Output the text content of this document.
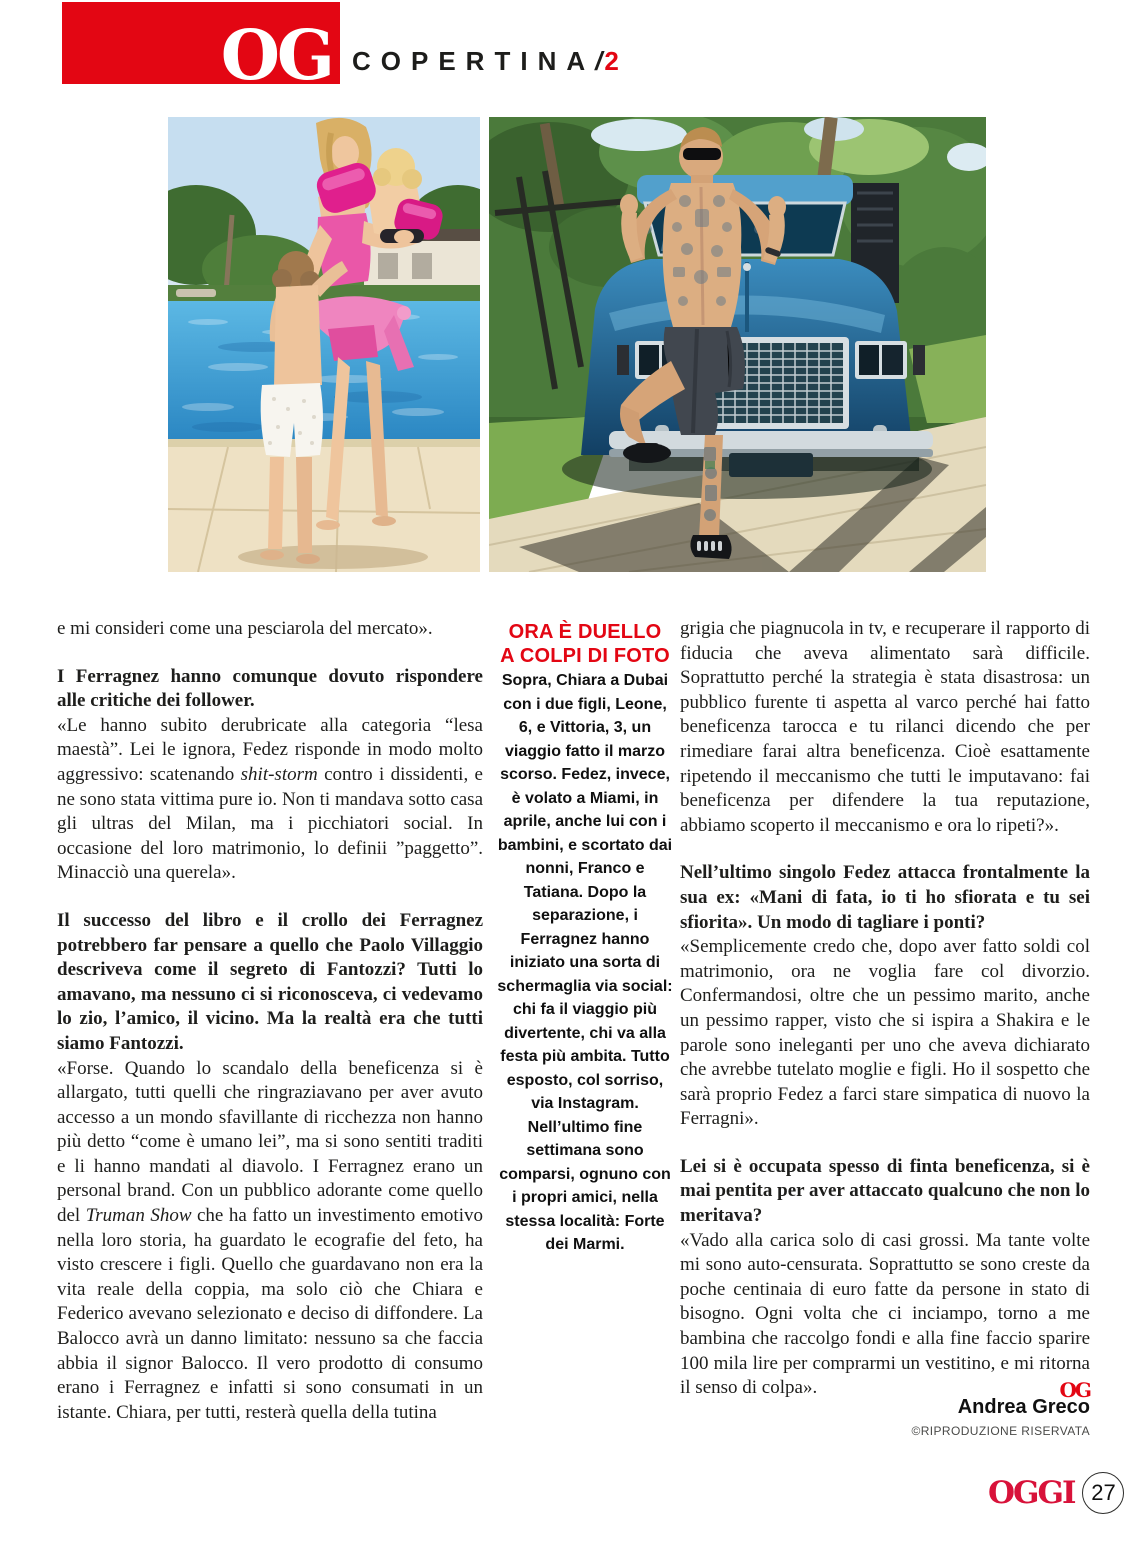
OG COPERTINA/2

e mi consideri come una pesciarola del mercato».

I Ferragnez hanno comunque dovuto rispondere alle critiche dei follower.

«Le hanno subito derubricate alla categoria “lesa maestà”. Lei le ignora, Fedez risponde in modo molto aggressivo: scatenando shit-storm contro i dissidenti, e ne sono stata vittima pure io. Non ti mandava sotto casa gli ultras del Milan, ma i picchiatori social. In occasione del loro matrimonio, lo definii ”paggetto”. Minacciò una querela».

Il successo del libro e il crollo dei Ferragnez potrebbero far pensare a quello che Paolo Villaggio descriveva come il segreto di Fantozzi? Tutti lo amavano, ma nessuno ci si riconosceva, ci vedevamo lo zio, l’amico, il vicino. Ma la realtà era che tutti siamo Fantozzi.

«Forse. Quando lo scandalo della beneficenza si è allargato, tutti quelli che ringraziavano per aver avuto accesso a un mondo sfavillante di ricchezza non hanno più detto “come è umano lei”, ma si sono sentiti traditi e li hanno mandati al diavolo. I Ferragnez erano un personal brand. Con un pubblico adorante come quello del Truman Show che ha fatto un investimento emotivo nella loro storia, ha guardato le ecografie del feto, ha visto crescere i figli. Quello che guardavano non era la vita reale della coppia, ma solo ciò che Chiara e Federico avevano selezionato e deciso di diffondere. La Balocco avrà un danno limitato: nessuno sa che faccia abbia il signor Balocco. Il vero prodotto di consumo erano i Ferragnez e infatti si sono consumati in un istante. Chiara, per tutti, resterà quella della tutina

ORA È DUELLO
A COLPI DI FOTO

Sopra, Chiara a Dubai con i due figli, Leone, 6, e Vittoria, 3, un viaggio fatto il marzo scorso. Fedez, invece, è volato a Miami, in aprile, anche lui con i bambini, e scortato dai nonni, Franco e Tatiana. Dopo la separazione, i Ferragnez hanno iniziato una sorta di schermaglia via social: chi fa il viaggio più divertente, chi va alla festa più ambita. Tutto esposto, col sorriso, via Instagram. Nell’ultimo fine settimana sono comparsi, ognuno con i propri amici, nella stessa località: Forte dei Marmi.

grigia che piagnucola in tv, e recuperare il rapporto di fiducia che aveva alimentato sarà difficile. Soprattutto perché la strategia è stata disastrosa: un pubblico furente ti aspetta al varco perché hai fatto beneficenza tarocca e tu rilanci dicendo che per rimediare farai altra beneficenza. Cioè esattamente ripetendo il meccanismo che tutti le imputavano: fai beneficenza per difendere la tua reputazione, abbiamo scoperto il meccanismo e ora lo ripeti?».

Nell’ultimo singolo Fedez attacca frontalmente la sua ex: «Mani di fata, io ti ho sfiorata e tu sei sfiorita». Un modo di tagliare i ponti?

«Semplicemente credo che, dopo aver fatto soldi col matrimonio, ora ne voglia fare col divorzio. Confermandosi, oltre che un pessimo marito, anche un pessimo rapper, visto che si ispira a Shakira e le parole sono ineleganti per uno che aveva dichiarato che avrebbe tutelato moglie e figli. Ho il sospetto che sarà proprio Fedez a farci stare simpatica di nuovo la Ferragni».

Lei si è occupata spesso di finta beneficenza, si è mai pentita per aver attaccato qualcuno che non lo meritava?

«Vado alla carica solo di casi grossi. Ma tante volte mi sono auto-censurata. Soprattutto se sono creste da poche centinaia di euro fatte da persone in stato di bisogno. Ogni volta che ci inciampo, torno a me bambina che raccolgo fondi e alla fine faccio sparire 100 mila lire per comprarmi un vestitino, e mi ritorna il senso di colpa».	OG

Andrea Greco

©RIPRODUZIONE RISERVATA

OGGI 27
